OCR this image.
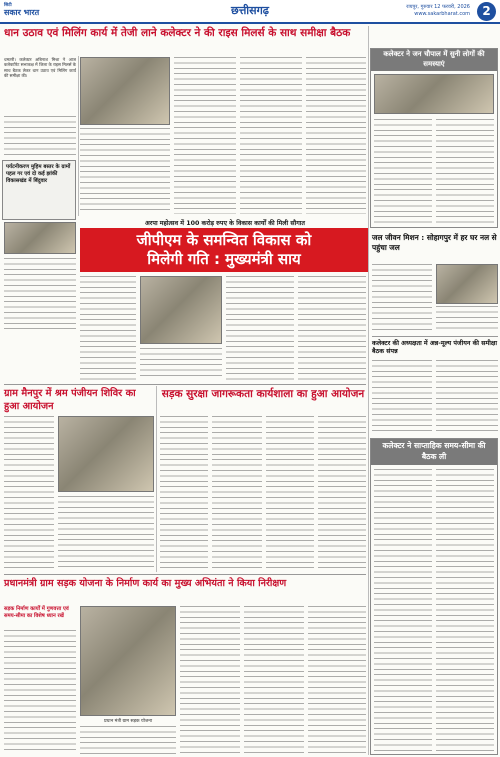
सिटी
सकार भारत	छत्तीसगढ़	रायपुर, गुरुवार 12 फरवरी, 2026
www.sakarbharat.com	2
धान उठाव एवं मिलिंग कार्य में तेजी लाने कलेक्टर ने की राइस मिलर्स के साथ समीक्षा बैठक
धमतरी। कलेक्टर अबिनाश मिश्रा ने आज कलेक्टोरेट सभाकक्ष में जिला के राइस मिलर्स के साथ बैठक लेकर धान उठाव एवं मिलिंग कार्य की समीक्षा की।
पर्यटनीकरण मुहिम बस्तर के ग्रामों पहल गर एवं दो कई झांकी विकासखंड में बिंदुवार
कलेक्टर ने जन चौपाल में सुनी लोगों की समस्याएं
अरपा महोत्सव में 100 करोड़ रुपए के विकास कार्यों की मिली सौगात
जीपीएम के समन्वित विकास को
मिलेगी गति : मुख्यमंत्री साय
जल जीवन मिशन : सोहागपुर में हर घर नल से पहुंचा जल
कलेक्टर की अध्यक्षता में अन्न-मूल्य पंजीयन की समीक्षा बैठक संपन्न
कलेक्टर ने साप्ताहिक समय-सीमा की बैठक ली
ग्राम मैनपुर में श्रम पंजीयन शिविर का हुआ आयोजन
सड़क सुरक्षा जागरूकता कार्यशाला का हुआ आयोजन
प्रधानमंत्री ग्राम सड़क योजना के निर्माण कार्य का मुख्य अभियंता ने किया निरीक्षण
सड़क निर्माण कार्यों में गुणवत्ता एवं समय-सीमा का विशेष ध्यान रखें
प्रधान मंत्री ग्राम सड़क योजना
